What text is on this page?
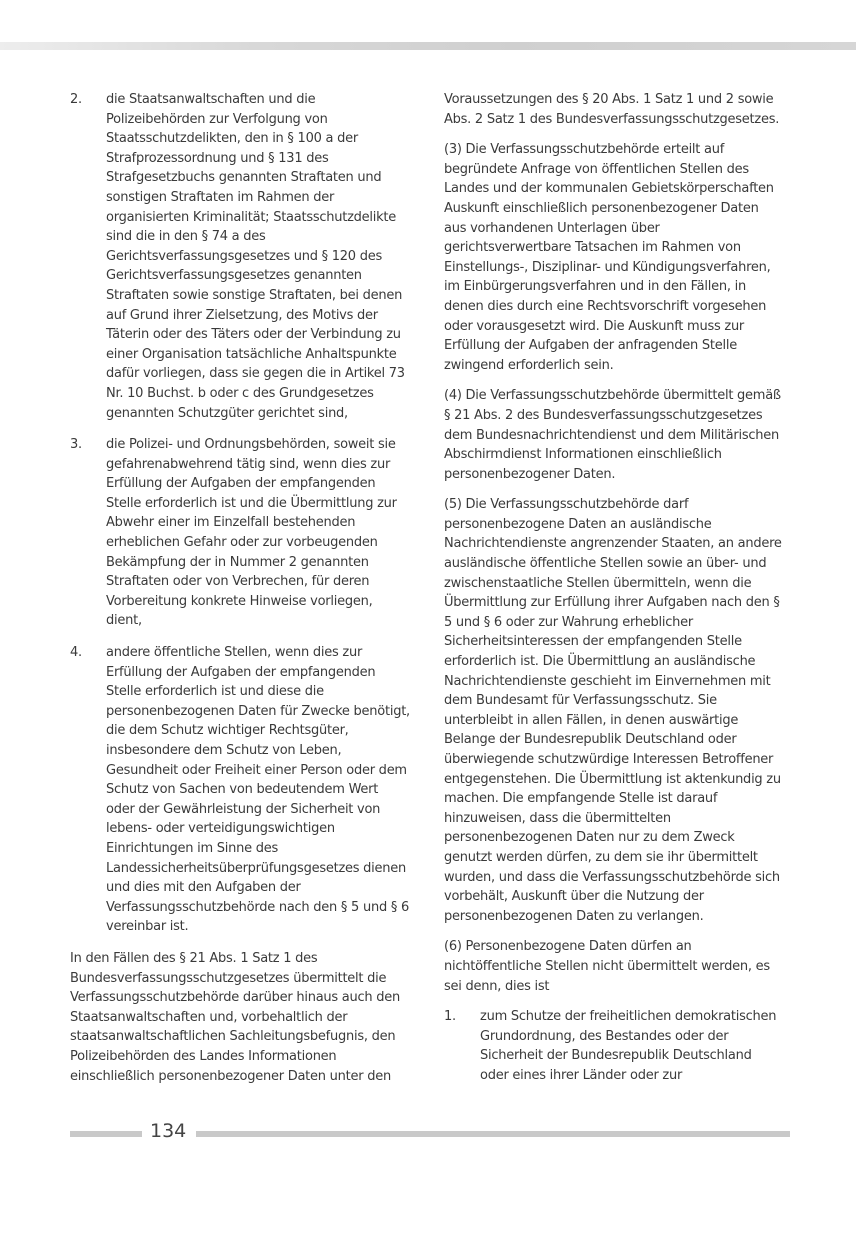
2. die Staatsanwaltschaften und die Polizeibehörden zur Verfolgung von Staatsschutzdelikten, den in § 100 a der Strafprozessordnung und § 131 des Strafgesetzbuchs genannten Straftaten und sonstigen Straftaten im Rahmen der organisierten Kriminalität; Staatsschutzdelikte sind die in den § 74 a des Gerichtsverfassungsgesetzes und § 120 des Gerichtsverfassungsgesetzes genannten Straftaten sowie sonstige Straftaten, bei denen auf Grund ihrer Zielsetzung, des Motivs der Täterin oder des Täters oder der Verbindung zu einer Organisation tatsächliche Anhaltspunkte dafür vorliegen, dass sie gegen die in Artikel 73 Nr. 10 Buchst. b oder c des Grundgesetzes genannten Schutzgüter gerichtet sind,
3. die Polizei- und Ordnungsbehörden, soweit sie gefahrenabwehrend tätig sind, wenn dies zur Erfüllung der Aufgaben der empfangenden Stelle erforderlich ist und die Übermittlung zur Abwehr einer im Einzelfall bestehenden erheblichen Gefahr oder zur vorbeugenden Bekämpfung der in Nummer 2 genannten Straftaten oder von Verbrechen, für deren Vorbereitung konkrete Hinweise vorliegen, dient,
4. andere öffentliche Stellen, wenn dies zur Erfüllung der Aufgaben der empfangenden Stelle erforderlich ist und diese die personenbezogenen Daten für Zwecke benötigt, die dem Schutz wichtiger Rechtsgüter, insbesondere dem Schutz von Leben, Gesundheit oder Freiheit einer Person oder dem Schutz von Sachen von bedeutendem Wert oder der Gewährleistung der Sicherheit von lebens- oder verteidigungswichtigen Einrichtungen im Sinne des Landessicherheitsüberprüfungsgesetzes dienen und dies mit den Aufgaben der Verfassungsschutzbehörde nach den § 5 und § 6 vereinbar ist.

In den Fällen des § 21 Abs. 1 Satz 1 des Bundesverfassungsschutzgesetzes übermittelt die Verfassungsschutzbehörde darüber hinaus auch den Staatsanwaltschaften und, vorbehaltlich der staatsanwaltschaftlichen Sachleitungsbefugnis, den Polizeibehörden des Landes Informationen einschließlich personenbezogener Daten unter den

Voraussetzungen des § 20 Abs. 1 Satz 1 und 2 sowie Abs. 2 Satz 1 des Bundesverfassungsschutzgesetzes.

(3) Die Verfassungsschutzbehörde erteilt auf begründete Anfrage von öffentlichen Stellen des Landes und der kommunalen Gebietskörperschaften Auskunft einschließlich personenbezogener Daten aus vorhandenen Unterlagen über gerichtsverwertbare Tatsachen im Rahmen von Einstellungs-, Disziplinar- und Kündigungsverfahren, im Einbürgerungsverfahren und in den Fällen, in denen dies durch eine Rechtsvorschrift vorgesehen oder vorausgesetzt wird. Die Auskunft muss zur Erfüllung der Aufgaben der anfragenden Stelle zwingend erforderlich sein.

(4) Die Verfassungsschutzbehörde übermittelt gemäß § 21 Abs. 2 des Bundesverfassungsschutzgesetzes dem Bundesnachrichtendienst und dem Militärischen Abschirmdienst Informationen einschließlich personenbezogener Daten.

(5) Die Verfassungsschutzbehörde darf personenbezogene Daten an ausländische Nachrichtendienste angrenzender Staaten, an andere ausländische öffentliche Stellen sowie an über- und zwischenstaatliche Stellen übermitteln, wenn die Übermittlung zur Erfüllung ihrer Aufgaben nach den § 5 und § 6 oder zur Wahrung erheblicher Sicherheitsinteressen der empfangenden Stelle erforderlich ist. Die Übermittlung an ausländische Nachrichtendienste geschieht im Einvernehmen mit dem Bundesamt für Verfassungsschutz. Sie unterbleibt in allen Fällen, in denen auswärtige Belange der Bundesrepublik Deutschland oder überwiegende schutzwürdige Interessen Betroffener entgegenstehen. Die Übermittlung ist aktenkundig zu machen. Die empfangende Stelle ist darauf hinzuweisen, dass die übermittelten personenbezogenen Daten nur zu dem Zweck genutzt werden dürfen, zu dem sie ihr übermittelt wurden, und dass die Verfassungsschutzbehörde sich vorbehält, Auskunft über die Nutzung der personenbezogenen Daten zu verlangen.

(6) Personenbezogene Daten dürfen an nichtöffentliche Stellen nicht übermittelt werden, es sei denn, dies ist

1. zum Schutze der freiheitlichen demokratischen Grundordnung, des Bestandes oder der Sicherheit der Bundesrepublik Deutschland oder eines ihrer Länder oder zur
134
